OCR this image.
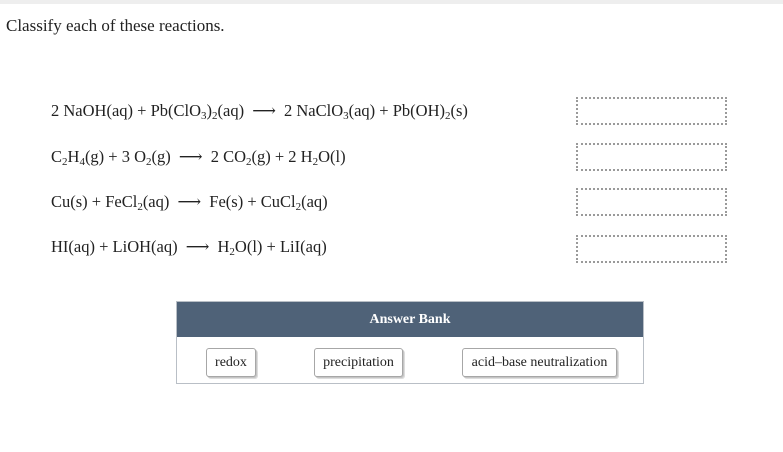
Classify each of these reactions.
2 NaOH(aq) + $Pb(ClO_3)_2(aq)$ ⟶ 2 NaClO$_3$(aq) + $Pb(OH)_2(s)$
$C_2H_4(g) + 3$ $O_2(g)$ ⟶ 2 $CO_2(g) + 2$ $H_2O(l)$
Cu(s) + FeCl$_2$(aq) ⟶ Fe(s) + CuCl$_2$(aq)
HI(aq) + LiOH(aq) ⟶ $H_2O(l) + LiI(aq)$
Answer Bank
redox	precipitation	acid–base neutralization
